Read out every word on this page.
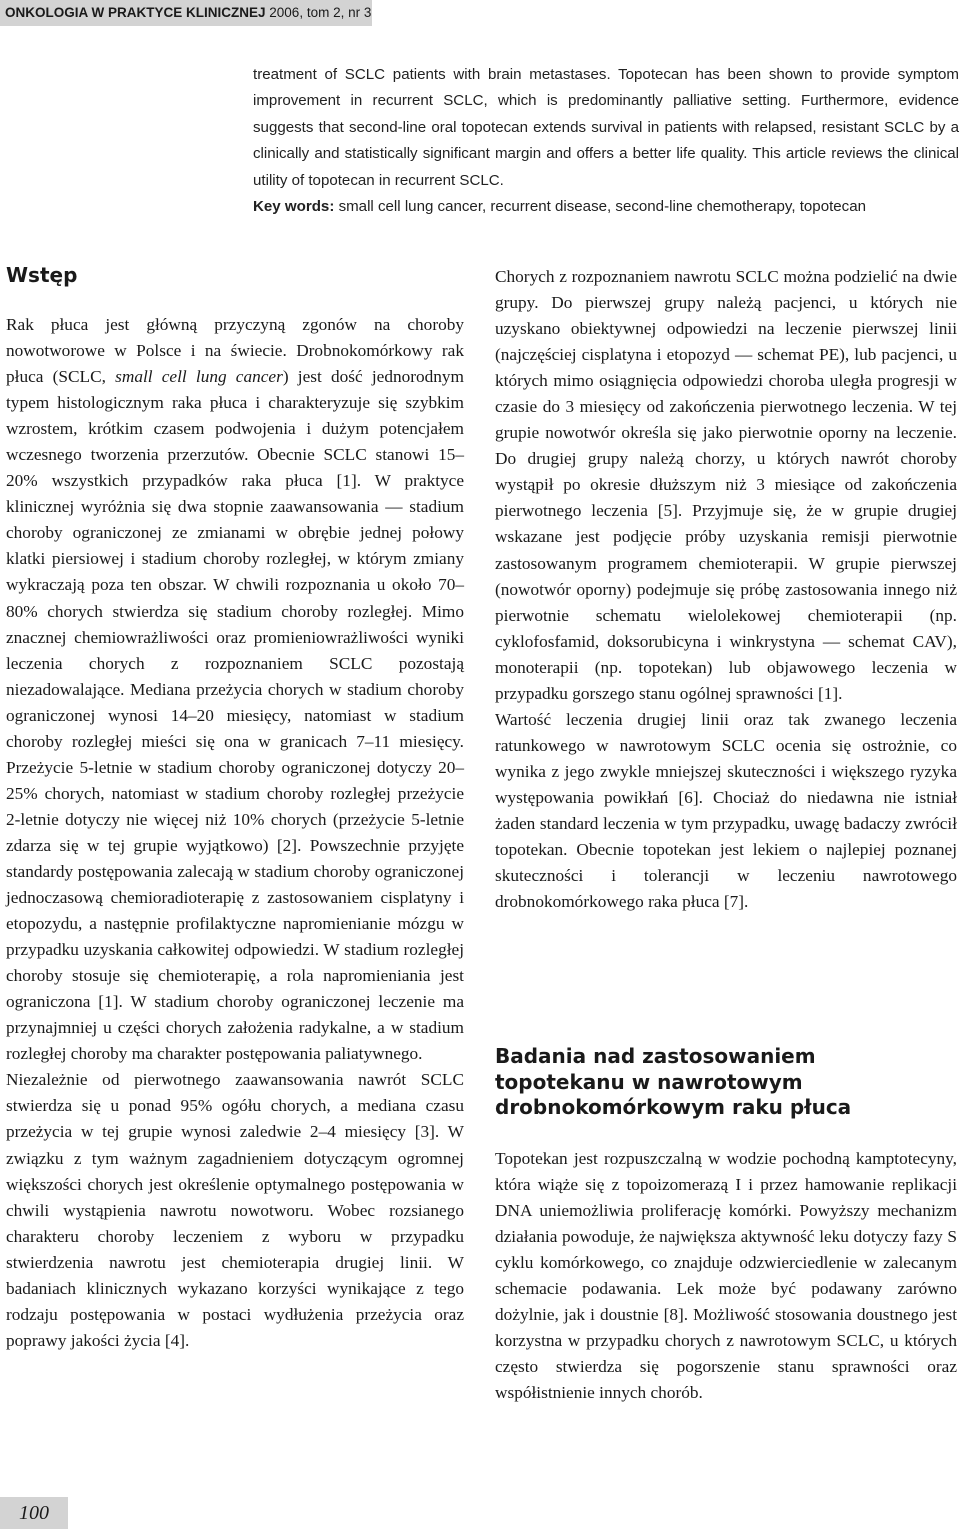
ONKOLOGIA W PRAKTYCE KLINICZNEJ 2006, tom 2, nr 3

treatment of SCLC patients with brain metastases. Topotecan has been shown to provide symptom improvement in recurrent SCLC, which is predominantly palliative setting. Furthermore, evidence suggests that second-line oral topotecan extends survival in patients with relapsed, resistant SCLC by a clinically and statistically significant margin and offers a better life quality. This article reviews the clinical utility of topotecan in recurrent SCLC.

Key words: small cell lung cancer, recurrent disease, second-line chemotherapy, topotecan

Wstęp

Rak płuca jest główną przyczyną zgonów na choroby nowotworowe w Polsce i na świecie. Drobnokomórkowy rak płuca (SCLC, small cell lung cancer) jest dość jednorodnym typem histologicznym raka płuca i charakteryzuje się szybkim wzrostem, krótkim czasem podwojenia i dużym potencjałem wczesnego tworzenia przerzutów. Obecnie SCLC stanowi 15–20% wszystkich przypadków raka płuca [1]. W praktyce klinicznej wyróżnia się dwa stopnie zaawansowania — stadium choroby ograniczonej ze zmianami w obrębie jednej połowy klatki piersiowej i stadium choroby rozległej, w którym zmiany wykraczają poza ten obszar. W chwili rozpoznania u około 70–80% chorych stwierdza się stadium choroby rozległej. Mimo znacznej chemiowrażliwości oraz promieniowrażliwości wyniki leczenia chorych z rozpoznaniem SCLC pozostają niezadowalające. Mediana przeżycia chorych w stadium choroby ograniczonej wynosi 14–20 miesięcy, natomiast w stadium choroby rozległej mieści się ona w granicach 7–11 miesięcy. Przeżycie 5-letnie w stadium choroby ograniczonej dotyczy 20–25% chorych, natomiast w stadium choroby rozległej przeżycie 2-letnie dotyczy nie więcej niż 10% chorych (przeżycie 5-letnie zdarza się w tej grupie wyjątkowo) [2]. Powszechnie przyjęte standardy postępowania zalecają w stadium choroby ograniczonej jednoczasową chemioradioterapię z zastosowaniem cisplatyny i etopozydu, a następnie profilaktyczne napromienianie mózgu w przypadku uzyskania całkowitej odpowiedzi. W stadium rozległej choroby stosuje się chemioterapię, a rola napromieniania jest ograniczona [1]. W stadium choroby ograniczonej leczenie ma przynajmniej u części chorych założenia radykalne, a w stadium rozległej choroby ma charakter postępowania paliatywnego.

Niezależnie od pierwotnego zaawansowania nawrót SCLC stwierdza się u ponad 95% ogółu chorych, a mediana czasu przeżycia w tej grupie wynosi zaledwie 2–4 miesięcy [3]. W związku z tym ważnym zagadnieniem dotyczącym ogromnej większości chorych jest określenie optymalnego postępowania w chwili wystąpienia nawrotu nowotworu. Wobec rozsianego charakteru choroby leczeniem z wyboru w przypadku stwierdzenia nawrotu jest chemioterapia drugiej linii. W badaniach klinicznych wykazano korzyści wynikające z tego rodzaju postępowania w postaci wydłużenia przeżycia oraz poprawy jakości życia [4].

Chorych z rozpoznaniem nawrotu SCLC można podzielić na dwie grupy. Do pierwszej grupy należą pacjenci, u których nie uzyskano obiektywnej odpowiedzi na leczenie pierwszej linii (najczęściej cisplatyna i etopozyd — schemat PE), lub pacjenci, u których mimo osiągnięcia odpowiedzi choroba uległa progresji w czasie do 3 miesięcy od zakończenia pierwotnego leczenia. W tej grupie nowotwór określa się jako pierwotnie oporny na leczenie. Do drugiej grupy należą chorzy, u których nawrót choroby wystąpił po okresie dłuższym niż 3 miesiące od zakończenia pierwotnego leczenia [5]. Przyjmuje się, że w grupie drugiej wskazane jest podjęcie próby uzyskania remisji pierwotnie zastosowanym programem chemioterapii. W grupie pierwszej (nowotwór oporny) podejmuje się próbę zastosowania innego niż pierwotnie schematu wielolekowej chemioterapii (np. cyklofosfamid, doksorubicyna i winkrystyna — schemat CAV), monoterapii (np. topotekan) lub objawowego leczenia w przypadku gorszego stanu ogólnej sprawności [1].

Wartość leczenia drugiej linii oraz tak zwanego leczenia ratunkowego w nawrotowym SCLC ocenia się ostrożnie, co wynika z jego zwykle mniejszej skuteczności i większego ryzyka występowania powikłań [6]. Chociaż do niedawna nie istniał żaden standard leczenia w tym przypadku, uwagę badaczy zwrócił topotekan. Obecnie topotekan jest lekiem o najlepiej poznanej skuteczności i tolerancji w leczeniu nawrotowego drobnokomórkowego raka płuca [7].

Badania nad zastosowaniem topotekanu w nawrotowym drobnokomórkowym raku płuca

Topotekan jest rozpuszczalną w wodzie pochodną kamptotecyny, która wiąże się z topoizomerazą I i przez hamowanie replikacji DNA uniemożliwia proliferację komórki. Powyższy mechanizm działania powoduje, że największa aktywność leku dotyczy fazy S cyklu komórkowego, co znajduje odzwierciedlenie w zalecanym schemacie podawania. Lek może być podawany zarówno dożylnie, jak i doustnie [8]. Możliwość stosowania doustnego jest korzystna w przypadku chorych z nawrotowym SCLC, u których często stwierdza się pogorszenie stanu sprawności oraz współistnienie innych chorób.

100
